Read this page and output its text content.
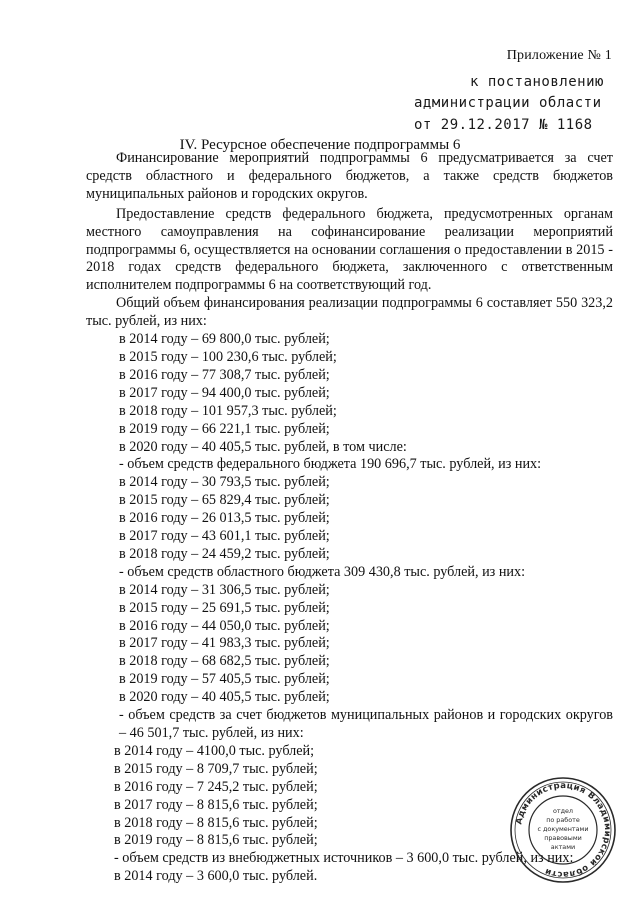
Приложение № 1
к постановлению
администрации области
от 29.12.2017 № 1168
IV. Ресурсное обеспечение подпрограммы 6

Финансирование мероприятий подпрограммы 6 предусматривается за счет средств областного и федерального бюджетов, а также средств бюджетов муниципальных районов и городских округов.

Предоставление средств федерального бюджета, предусмотренных органам местного самоуправления на софинансирование реализации мероприятий подпрограммы 6, осуществляется на основании соглашения о предоставлении в 2015 - 2018 годах средств федерального бюджета, заключенного с ответственным исполнителем подпрограммы 6 на соответствующий год.

Общий объем финансирования реализации подпрограммы 6 составляет 550 323,2 тыс. рублей, из них:

в 2014 году – 69 800,0 тыс. рублей;

в 2015 году – 100 230,6 тыс. рублей;

в 2016 году – 77 308,7 тыс. рублей;

в 2017 году – 94 400,0 тыс. рублей;

в 2018 году – 101 957,3 тыс. рублей;

в 2019 году – 66 221,1 тыс. рублей;

в 2020 году – 40 405,5 тыс. рублей, в том числе:

- объем средств федерального бюджета 190 696,7 тыс. рублей, из них:

в 2014 году – 30 793,5 тыс. рублей;

в 2015 году – 65 829,4 тыс. рублей;

в 2016 году – 26 013,5 тыс. рублей;

в 2017 году – 43 601,1 тыс. рублей;

в 2018 году – 24 459,2 тыс. рублей;

- объем средств областного бюджета 309 430,8 тыс. рублей, из них:

в 2014 году – 31 306,5 тыс. рублей;

в 2015 году – 25 691,5 тыс. рублей;

в 2016 году – 44 050,0 тыс. рублей;

в 2017 году – 41 983,3 тыс. рублей;

в 2018 году – 68 682,5 тыс. рублей;

в 2019 году – 57 405,5 тыс. рублей;

в 2020 году – 40 405,5 тыс. рублей;

- объем средств за счет бюджетов муниципальных районов и городских округов – 46 501,7 тыс. рублей, из них:

в 2014 году – 4100,0 тыс. рублей;

в 2015 году – 8 709,7 тыс. рублей;

в 2016 году – 7 245,2 тыс. рублей;

в 2017 году – 8 815,6 тыс. рублей;

в 2018 году – 8 815,6 тыс. рублей;

в 2019 году – 8 815,6 тыс. рублей;

- объем средств из внебюджетных источников – 3 600,0 тыс. рублей, из них:

в 2014 году – 3 600,0 тыс. рублей.

Администрация Владимирской области
отдел
по работе
с документами
правовыми
актами
